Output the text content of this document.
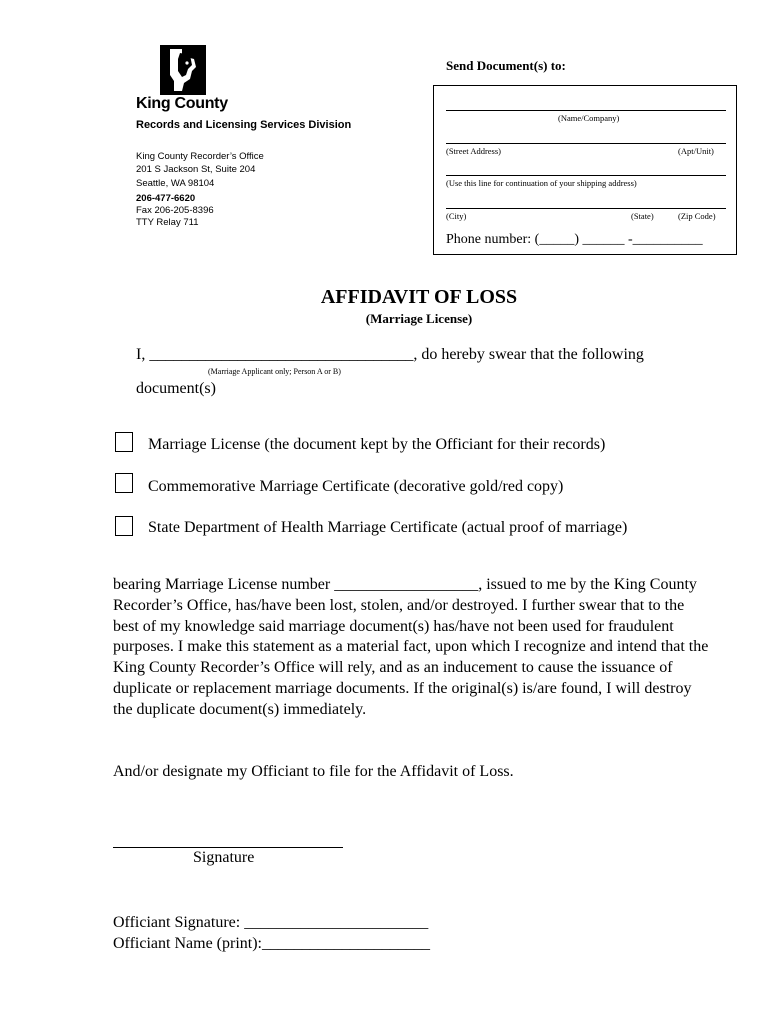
King County
Records and Licensing Services Division
King County Recorder’s Office
201 S Jackson St, Suite 204
Seattle, WA 98104
206-477-6620
Fax 206-205-8396
TTY Relay 711
Send Document(s) to:
(Name/Company)
(Street Address)	(Apt/Unit)
(Use this line for continuation of your shipping address)
(City)	(State)	(Zip Code)
Phone number: (_____) ______ -__________
AFFIDAVIT OF LOSS
(Marriage License)
I, _________________________________, do hereby swear that the following
(Marriage Applicant only; Person A or B)
document(s)
Marriage License (the document kept by the Officiant for their records)
Commemorative Marriage Certificate (decorative gold/red copy)
State Department of Health Marriage Certificate (actual proof of marriage)
bearing Marriage License number __________________, issued to me by the King County Recorder’s Office, has/have been lost, stolen, and/or destroyed. I further swear that to the best of my knowledge said marriage document(s) has/have not been used for fraudulent purposes. I make this statement as a material fact, upon which I recognize and intend that the King County Recorder’s Office will rely, and as an inducement to cause the issuance of duplicate or replacement marriage documents. If the original(s) is/are found, I will destroy the duplicate document(s) immediately.
And/or designate my Officiant to file for the Affidavit of Loss.
Signature
Officiant Signature: _______________________
Officiant Name (print):_____________________
